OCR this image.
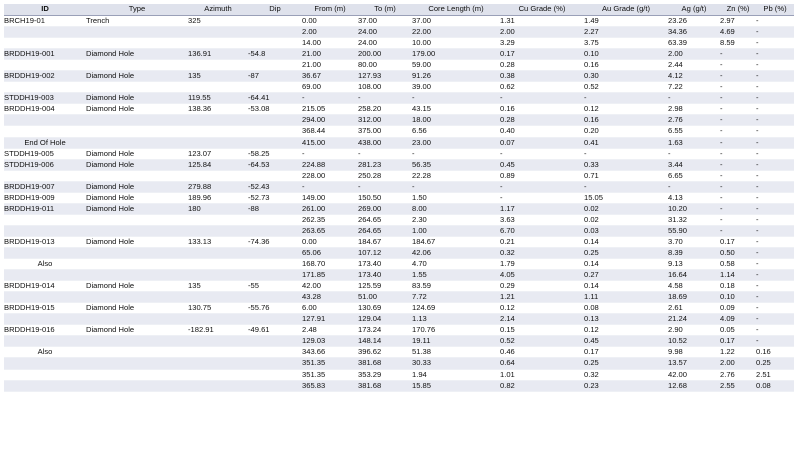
ID	Type	Azimuth	Dip	From (m)	To (m)	Core Length (m)	Cu Grade (%)	Au Grade (g/t)	Ag (g/t)	Zn (%)	Pb (%)
BRCH19-01	Trench	325		0.00	37.00	37.00	1.31	1.49	23.26	2.97	-
				2.00	24.00	22.00	2.00	2.27	34.36	4.69	-
				14.00	24.00	10.00	3.29	3.75	63.39	8.59	-
BRDDH19-001	Diamond Hole	136.91	-54.8	21.00	200.00	179.00	0.17	0.10	2.00	-	-
				21.00	80.00	59.00	0.28	0.16	2.44	-	-
BRDDH19-002	Diamond Hole	135	-87	36.67	127.93	91.26	0.38	0.30	4.12	-	-
				69.00	108.00	39.00	0.62	0.52	7.22	-	-
STDDH19-003	Diamond Hole	119.55	-64.41	-	-	-	-	-	-	-	-
BRDDH19-004	Diamond Hole	138.36	-53.08	215.05	258.20	43.15	0.16	0.12	2.98	-	-
				294.00	312.00	18.00	0.28	0.16	2.76	-	-
				368.44	375.00	6.56	0.40	0.20	6.55	-	-
End Of Hole				415.00	438.00	23.00	0.07	0.41	1.63	-	-
STDDH19-005	Diamond Hole	123.07	-58.25	-	-	-	-	-	-	-	-
STDDH19-006	Diamond Hole	125.84	-64.53	224.88	281.23	56.35	0.45	0.33	3.44	-	-
				228.00	250.28	22.28	0.89	0.71	6.65	-	-
BRDDH19-007	Diamond Hole	279.88	-52.43	-	-	-	-	-	-	-	-
BRDDH19-009	Diamond Hole	189.96	-52.73	149.00	150.50	1.50	-	15.05	4.13	-	-
BRDDH19-011	Diamond Hole	180	-88	261.00	269.00	8.00	1.17	0.02	10.20	-	-
				262.35	264.65	2.30	3.63	0.02	31.32	-	-
				263.65	264.65	1.00	6.70	0.03	55.90	-	-
BRDDH19-013	Diamond Hole	133.13	-74.36	0.00	184.67	184.67	0.21	0.14	3.70	0.17	-
				65.06	107.12	42.06	0.32	0.25	8.39	0.50	-
Also				168.70	173.40	4.70	1.79	0.14	9.13	0.58	-
				171.85	173.40	1.55	4.05	0.27	16.64	1.14	-
BRDDH19-014	Diamond Hole	135	-55	42.00	125.59	83.59	0.29	0.14	4.58	0.18	-
				43.28	51.00	7.72	1.21	1.11	18.69	0.10	-
BRDDH19-015	Diamond Hole	130.75	-55.76	6.00	130.69	124.69	0.12	0.08	2.61	0.09	-
				127.91	129.04	1.13	2.14	0.13	21.24	4.09	-
BRDDH19-016	Diamond Hole	-182.91	-49.61	2.48	173.24	170.76	0.15	0.12	2.90	0.05	-
				129.03	148.14	19.11	0.52	0.45	10.52	0.17	-
Also				343.66	396.62	51.38	0.46	0.17	9.98	1.22	0.16
				351.35	381.68	30.33	0.64	0.25	13.57	2.00	0.25
				351.35	353.29	1.94	1.01	0.32	42.00	2.76	2.51
				365.83	381.68	15.85	0.82	0.23	12.68	2.55	0.08
